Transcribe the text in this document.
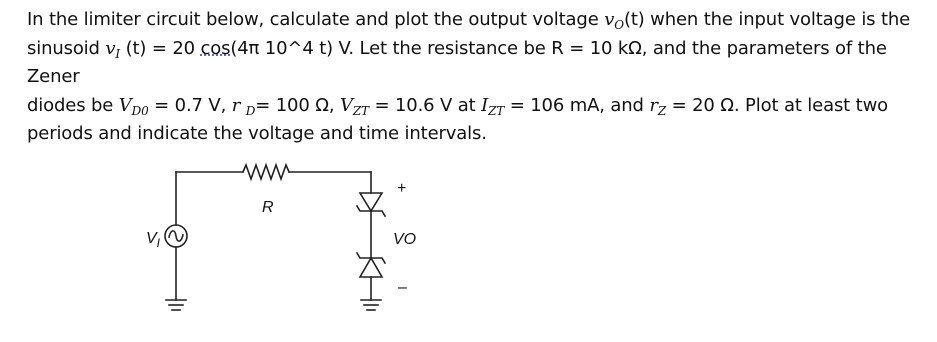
In the limiter circuit below, calculate and plot the output voltage $v_O(t)$ when the input voltage is the
sinusoid $v_I$ (t) = 20 cos(4π 10^4 t) V. Let the resistance be R = 10 kΩ, and the parameters of the Zener
diodes be $V_{D0} = 0.7$ V, r $_D$= 100 Ω, $V_{ZT} = 10.6$ V at $I_{ZT} = 106$ mA, and $r_Z = 20$ Ω. Plot at least two
periods and indicate the voltage and time intervals.

R
$V_I$	VO
+
–
